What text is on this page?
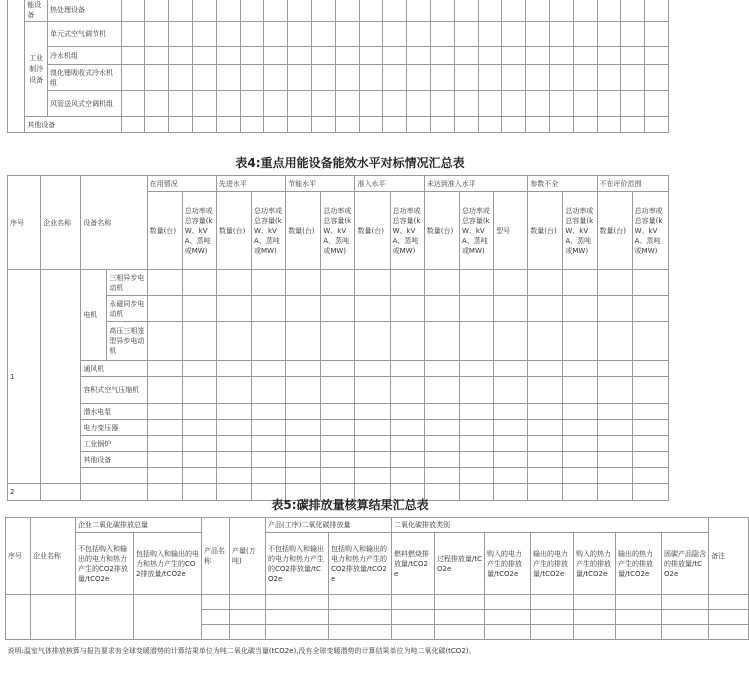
	能设备	热处理设备																							
	工业制冷设备	单元式空气调节机																							
		冷水机组																							
		溴化锂吸收式冷水机组																							
		风管送风式空调机组																							
	其他设备																								
表4:重点用能设备能效水平对标情况汇总表
序号	企业名称	设备名称		在用情况		先进水平		节能水平		准入水平		未达到准入水平			参数不全		不在评价范围	
				数量(台)	总功率或总容量(kW、kVA、蒸吨或MW)	数量(台)	总功率或总容量(kW、kVA、蒸吨或MW)	数量(台)	总功率或总容量(kW、kVA、蒸吨或MW)	数量(台)	总功率或总容量(kW、kVA、蒸吨或MW)	数量(台)	总功率或总容量(kW、kVA、蒸吨或MW)	型号	数量(台)	总功率或总容量(kW、kVA、蒸吨或MW)	数量(台)	总功率或总容量(kW、kVA、蒸吨或MW)
1		电机	三相异步电动机															
			永磁同步电动机															
			高压三相笼型异步电动机															
		通风机																
		容积式空气压缩机																
		潜水电泵																
		电力变压器																
		工业锅炉																
		其他设备																

2																		
表5:碳排放量核算结果汇总表
序号	企业名称	企业二氧化碳排放总量		产品名称	产量(万吨)	产品(工序)二氧化碳排放量		二氧化碳排放类别							备注
		不包括购入和输出的电力和热力产生的CO2排放量/tCO2e	包括购入和输出的电力和热力产生的CO2排放量/tCO2e			不包括购入和输出的电力和热力产生的CO2排放量/tCO2e	包括购入和输出的电力和热力产生的 CO2排放量/tCO2e	燃料燃烧排放量/tCO2e	过程排放量/tCO2e	购入的电力产生的排放量/tCO2e	输出的电力产生的排放量/tCO2e	购入的热力产生的排放量/tCO2e	输出的热力产生的排放量/tCO2e	固碳产品隐含的排放量/tCO2e	

说明:温室气体排放核算与报告要求有全球变暖潜势的计算结果单位为吨二氧化碳当量(tCO2e),没有全球变暖潜势的计算结果单位为吨二氧化碳(tCO2)。															
